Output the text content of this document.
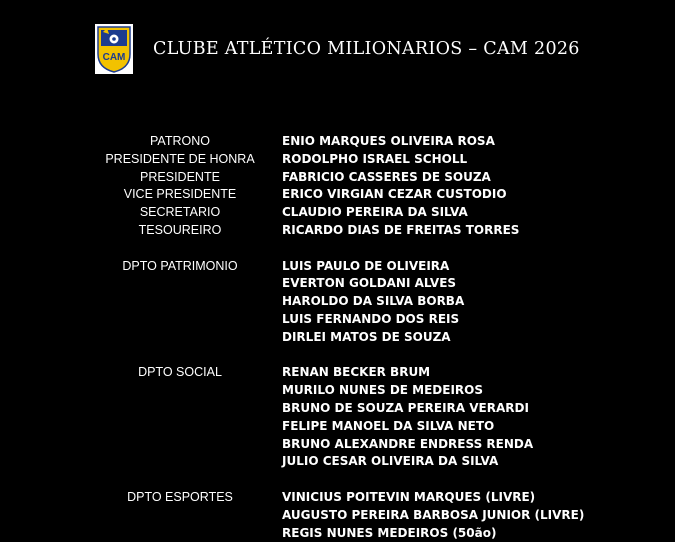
CAM CLUBE ATLÉTICO MILIONARIOS – CAM 2026
PATRONO	ENIO MARQUES OLIVEIRA ROSA
PRESIDENTE DE HONRA	RODOLPHO ISRAEL SCHOLL
PRESIDENTE	FABRICIO CASSERES DE SOUZA
VICE PRESIDENTE	ERICO VIRGIAN CEZAR CUSTODIO
SECRETARIO	CLAUDIO PEREIRA DA SILVA
TESOUREIRO	RICARDO DIAS DE FREITAS TORRES
DPTO PATRIMONIO	LUIS PAULO DE OLIVEIRA
EVERTON GOLDANI ALVES
HAROLDO DA SILVA BORBA
LUIS FERNANDO DOS REIS
DIRLEI MATOS DE SOUZA
DPTO SOCIAL	RENAN BECKER BRUM
MURILO NUNES DE MEDEIROS
BRUNO DE SOUZA PEREIRA VERARDI
FELIPE MANOEL DA SILVA NETO
BRUNO ALEXANDRE ENDRESS RENDA
JULIO CESAR OLIVEIRA DA SILVA
DPTO ESPORTES	VINICIUS POITEVIN MARQUES (LIVRE)
AUGUSTO PEREIRA BARBOSA JUNIOR (LIVRE)
REGIS NUNES MEDEIROS (50ão)
